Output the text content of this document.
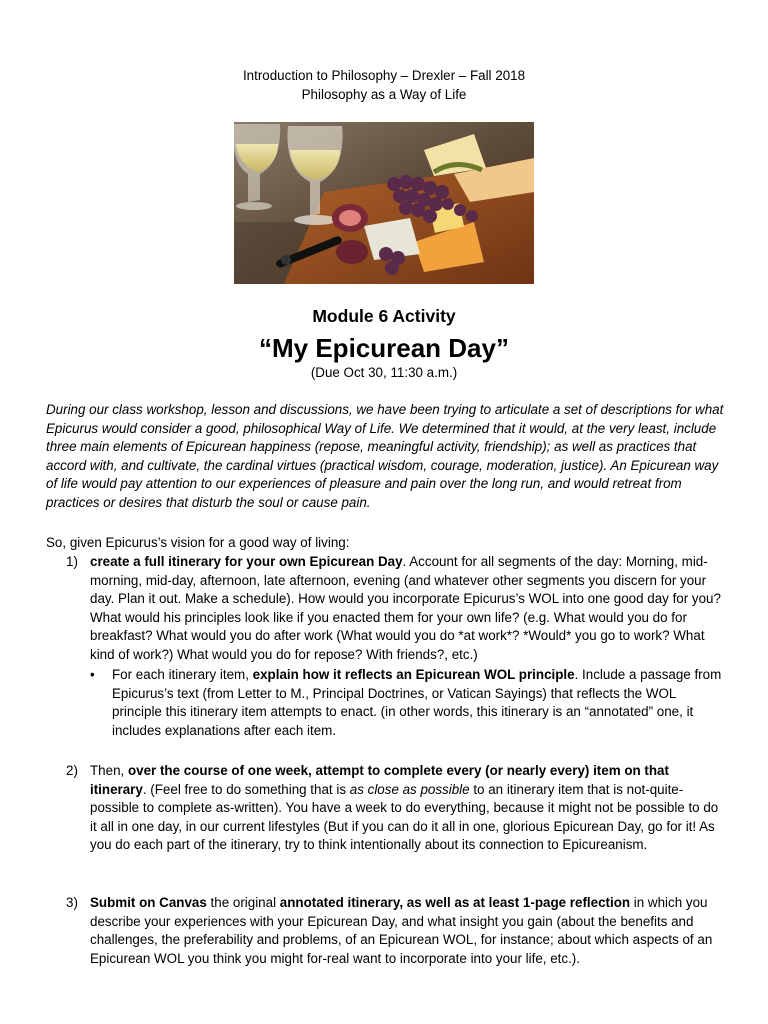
Introduction to Philosophy – Drexler – Fall 2018
Philosophy as a Way of Life
Module 6 Activity
“My Epicurean Day”
(Due Oct 30, 11:30 a.m.)
During our class workshop, lesson and discussions, we have been trying to articulate a set of descriptions for what Epicurus would consider a good, philosophical Way of Life. We determined that it would, at the very least, include three main elements of Epicurean happiness (repose, meaningful activity, friendship); as well as practices that accord with, and cultivate, the cardinal virtues (practical wisdom, courage, moderation, justice). An Epicurean way of life would pay attention to our experiences of pleasure and pain over the long run, and would retreat from practices or desires that disturb the soul or cause pain.
So, given Epicurus’s vision for a good way of living:
1) create a full itinerary for your own Epicurean Day. Account for all segments of the day: Morning, mid-morning, mid-day, afternoon, late afternoon, evening (and whatever other segments you discern for your day. Plan it out. Make a schedule). How would you incorporate Epicurus’s WOL into one good day for you? What would his principles look like if you enacted them for your own life? (e.g. What would you do for breakfast? What would you do after work (What would you do *at work*? *Would* you go to work? What kind of work?) What would you do for repose? With friends?, etc.)
• For each itinerary item, explain how it reflects an Epicurean WOL principle. Include a passage from Epicurus’s text (from Letter to M., Principal Doctrines, or Vatican Sayings) that reflects the WOL principle this itinerary item attempts to enact. (in other words, this itinerary is an “annotated” one, it includes explanations after each item.
2) Then, over the course of one week, attempt to complete every (or nearly every) item on that itinerary. (Feel free to do something that is as close as possible to an itinerary item that is not-quite-possible to complete as-written). You have a week to do everything, because it might not be possible to do it all in one day, in our current lifestyles (But if you can do it all in one, glorious Epicurean Day, go for it! As you do each part of the itinerary, try to think intentionally about its connection to Epicureanism.
3) Submit on Canvas the original annotated itinerary, as well as at least 1-page reflection in which you describe your experiences with your Epicurean Day, and what insight you gain (about the benefits and challenges, the preferability and problems, of an Epicurean WOL, for instance; about which aspects of an Epicurean WOL you think you might for-real want to incorporate into your life, etc.).
